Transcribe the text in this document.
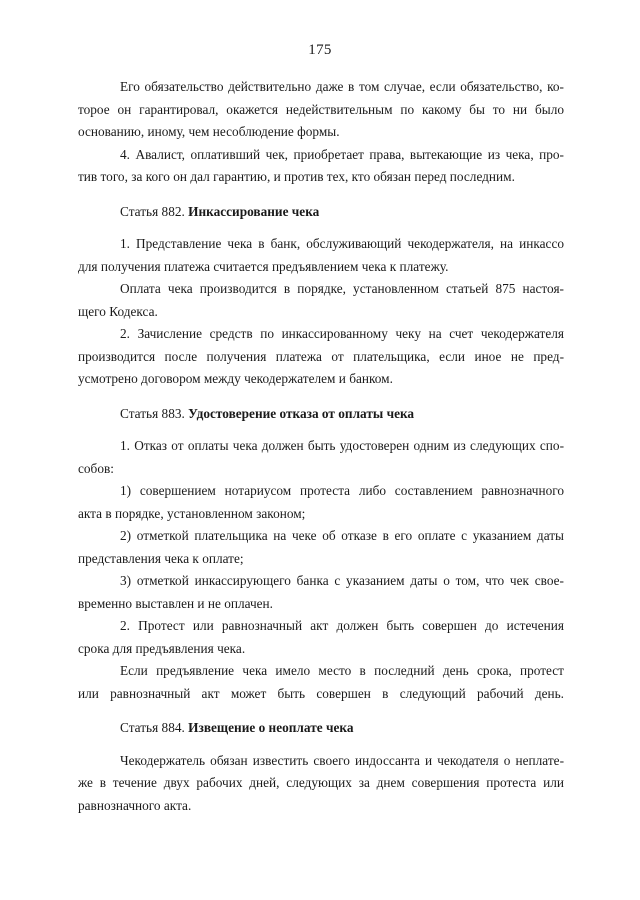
175
Его обязательство действительно даже в том случае, если обязательство, ко-
торое он гарантировал, окажется недействительным по какому бы то ни было
основанию, иному, чем несоблюдение формы.
4. Авалист, оплативший чек, приобретает права, вытекающие из чека, про-
тив того, за кого он дал гарантию, и против тех, кто обязан перед последним.
Статья 882. Инкассирование чека
1. Представление чека в банк, обслуживающий чекодержателя, на инкассо
для получения платежа считается предъявлением чека к платежу.
Оплата чека производится в порядке, установленном статьей 875 настоя-
щего Кодекса.
2. Зачисление средств по инкассированному чеку на счет чекодержателя
производится после получения платежа от плательщика, если иное не пред-
усмотрено договором между чекодержателем и банком.
Статья 883. Удостоверение отказа от оплаты чека
1. Отказ от оплаты чека должен быть удостоверен одним из следующих спо-
собов:
1) совершением нотариусом протеста либо составлением равнозначного
акта в порядке, установленном законом;
2) отметкой плательщика на чеке об отказе в его оплате с указанием даты
представления чека к оплате;
3) отметкой инкассирующего банка с указанием даты о том, что чек свое-
временно выставлен и не оплачен.
2. Протест или равнозначный акт должен быть совершен до истечения
срока для предъявления чека.
Если предъявление чека имело место в последний день срока, протест
или равнозначный акт может быть совершен в следующий рабочий день.
Статья 884. Извещение о неоплате чека
Чекодержатель обязан известить своего индоссанта и чекодателя о неплате-
же в течение двух рабочих дней, следующих за днем совершения протеста или
равнозначного акта.
